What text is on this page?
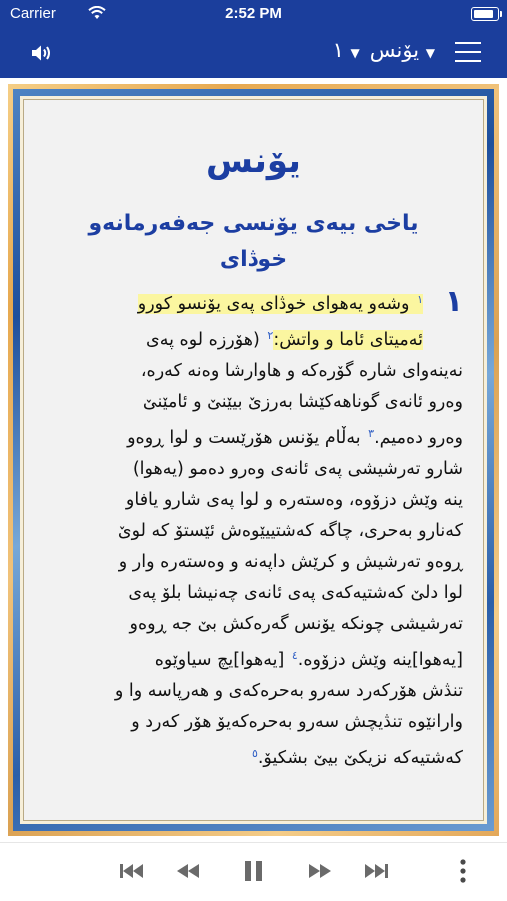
Carrier	2:52 PM
١ ▼ یۆنس ▼
یۆنس
یاخی بیەی یۆنسی جەفەرمانەو
خوڎای
١
$^١$ وشەو یەهوای خوڎای پەی یۆنسو کورو
ئەمیتای ئاما و واتش:$^٢$ (هۆرزە لوە پەی
نەینەوای شارە گۆرەکە و هاوارشا وەنە کەرە،
وەرو ئانەی گوناهەکێشا بەرزێ بیێنێ و ئامێنێ
وەرو دەمیم.$^٣$ بەڵام یۆنس هۆرێست و لوا ڕوەو
شارو تەرشیشی پەی ئانەی وەرو دەمو (یەهوا)
ینە وێش دزۆوە، وەستەرە و لوا پەی شارو یافاو
کەنارو بەحری، چاگە کەشتییێوەش ئێستۆ کە لوێ
ڕوەو تەرشیش و کرێش داپەنە و وەستەرە وار و
لوا دلێ کەشتیەکەی پەی ئانەی چەنیشا بلۆ پەی
تەرشیشی چونکە یۆنس گەرەکش بێ جە ڕوەو
[یەهوا]ینە وێش دزۆوە.$^٤$ [یەهوا]یچ سیاوێوە
تنڎش هۆرکەرد سەرو بەحرەکەی و هەرپاسە وا و
وارانێوە تنڎیچش سەرو بەحرەکەیۆ هۆر کەرد و
کەشتیەکە نزیکێ بیێ بشکیۆ.$^٥$
